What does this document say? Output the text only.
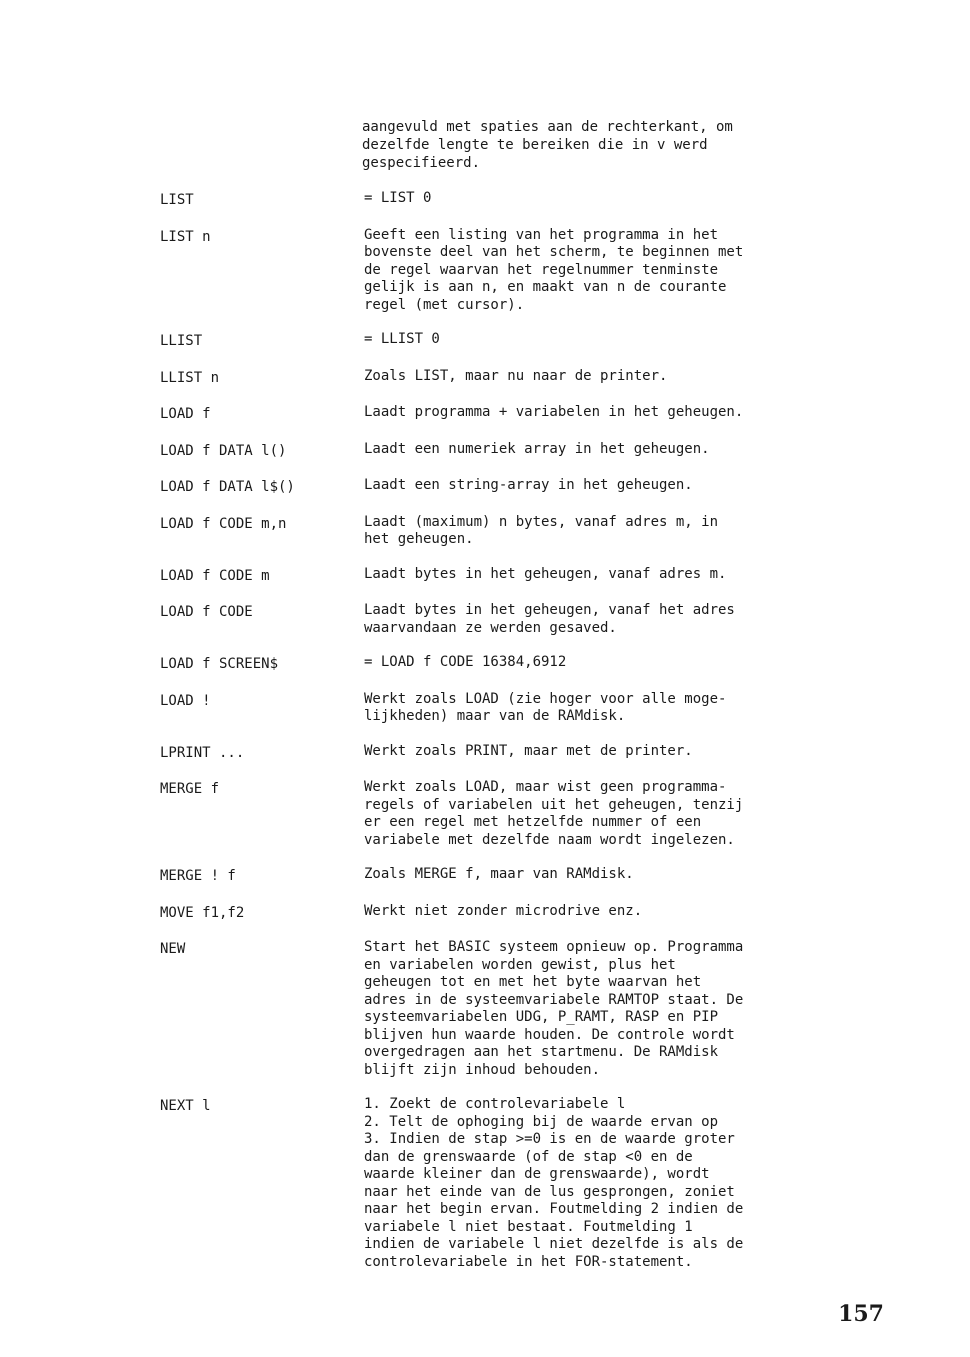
aangevuld met spaties aan de rechterkant, om
dezelfde lengte te bereiken die in v werd
gespecifieerd.
LIST	= LIST 0
LIST n	Geeft een listing van het programma in het
bovenste deel van het scherm, te beginnen met
de regel waarvan het regelnummer tenminste
gelijk is aan n, en maakt van n de courante
regel (met cursor).
LLIST	= LLIST 0
LLIST n	Zoals LIST, maar nu naar de printer.
LOAD f	Laadt programma + variabelen in het geheugen.
LOAD f DATA l()	Laadt een numeriek array in het geheugen.
LOAD f DATA l$()	Laadt een string-array in het geheugen.
LOAD f CODE m,n	Laadt (maximum) n bytes, vanaf adres m, in
het geheugen.
LOAD f CODE m	Laadt bytes in het geheugen, vanaf adres m.
LOAD f CODE	Laadt bytes in het geheugen, vanaf het adres
waarvandaan ze werden gesaved.
LOAD f SCREEN$	= LOAD f CODE 16384,6912
LOAD !	Werkt zoals LOAD (zie hoger voor alle moge-
lijkheden) maar van de RAMdisk.
LPRINT ...	Werkt zoals PRINT, maar met de printer.
MERGE f	Werkt zoals LOAD, maar wist geen programma-
regels of variabelen uit het geheugen, tenzij
er een regel met hetzelfde nummer of een
variabele met dezelfde naam wordt ingelezen.
MERGE ! f	Zoals MERGE f, maar van RAMdisk.
MOVE f1,f2	Werkt niet zonder microdrive enz.
NEW	Start het BASIC systeem opnieuw op. Programma
en variabelen worden gewist, plus het
geheugen tot en met het byte waarvan het
adres in de systeemvariabele RAMTOP staat. De
systeemvariabelen UDG, P_RAMT, RASP en PIP
blijven hun waarde houden. De controle wordt
overgedragen aan het startmenu. De RAMdisk
blijft zijn inhoud behouden.
NEXT l	1. Zoekt de controlevariabele l
2. Telt de ophoging bij de waarde ervan op
3. Indien de stap >=0 is en de waarde groter
dan de grenswaarde (of de stap <0 en de
waarde kleiner dan de grenswaarde), wordt
naar het einde van de lus gesprongen, zoniet
naar het begin ervan. Foutmelding 2 indien de
variabele l niet bestaat. Foutmelding 1
indien de variabele l niet dezelfde is als de
controlevariabele in het FOR-statement.
157
